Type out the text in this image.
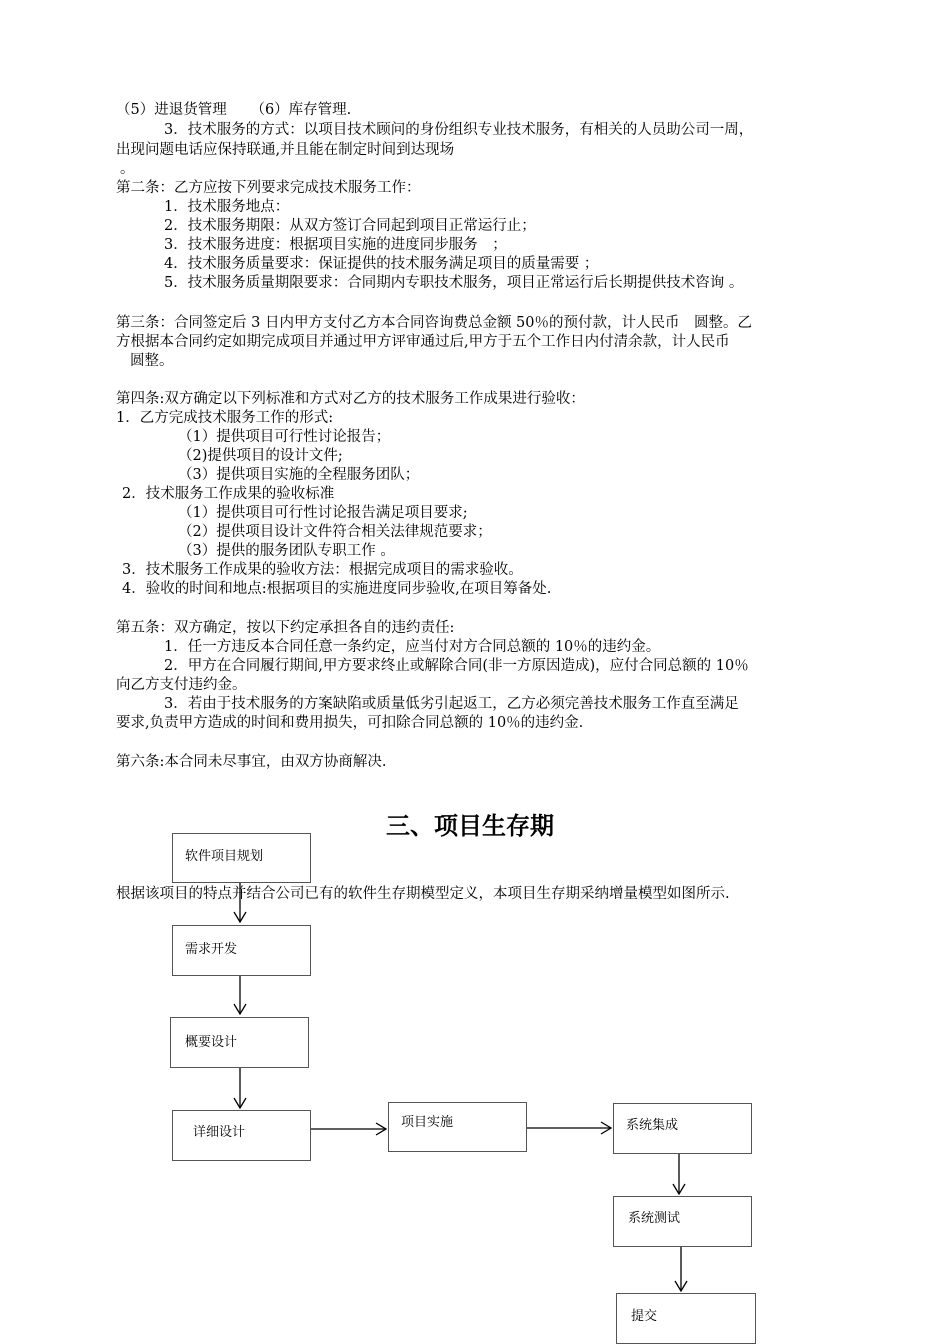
（5）进退货管理　  （6）库存管理.
3．技术服务的方式：以项目技术顾问的身份组织专业技术服务，有相关的人员助公司一周，
出现问题电话应保持联通,并且能在制定时间到达现场
。
第二条：乙方应按下列要求完成技术服务工作：
1．技术服务地点：
2．技术服务期限：从双方签订合同起到项目正常运行止；
3．技术服务进度：根据项目实施的进度同步服务　；
4．技术服务质量要求：保证提供的技术服务满足项目的质量需要 ；
5．技术服务质量期限要求：合同期内专职技术服务，项目正常运行后长期提供技术咨询 。
第三条：合同签定后 3 日内甲方支付乙方本合同咨询费总金额 50％的预付款，计人民币　圆整。乙
方根据本合同约定如期完成项目并通过甲方评审通过后,甲方于五个工作日内付清余款，计人民币
圆整。
第四条:双方确定以下列标准和方式对乙方的技术服务工作成果进行验收：
1．乙方完成技术服务工作的形式:
（1）提供项目可行性讨论报告；
（2)提供项目的设计文件;
（3）提供项目实施的全程服务团队；
2．技术服务工作成果的验收标准
（1）提供项目可行性讨论报告满足项目要求;
（2）提供项目设计文件符合相关法律规范要求；
（3）提供的服务团队专职工作 。
3．技术服务工作成果的验收方法：根据完成项目的需求验收。
4．验收的时间和地点:根据项目的实施进度同步验收,在项目筹备处.
第五条：双方确定，按以下约定承担各自的违约责任:
1．任一方违反本合同任意一条约定，应当付对方合同总额的 10％的违约金。
2．甲方在合同履行期间,甲方要求终止或解除合同(非一方原因造成)，应付合同总额的 10％
向乙方支付违约金。
3．若由于技术服务的方案缺陷或质量低劣引起返工，乙方必须完善技术服务工作直至满足
要求,负责甲方造成的时间和费用损失，可扣除合同总额的 10％的违约金.
第六条:本合同未尽事宜，由双方协商解决.
三、项目生存期
根据该项目的特点并结合公司已有的软件生存期模型定义，本项目生存期采纳增量模型如图所示.
软件项目规划
需求开发
概要设计
详细设计
项目实施	系统集成
系统测试
提交
